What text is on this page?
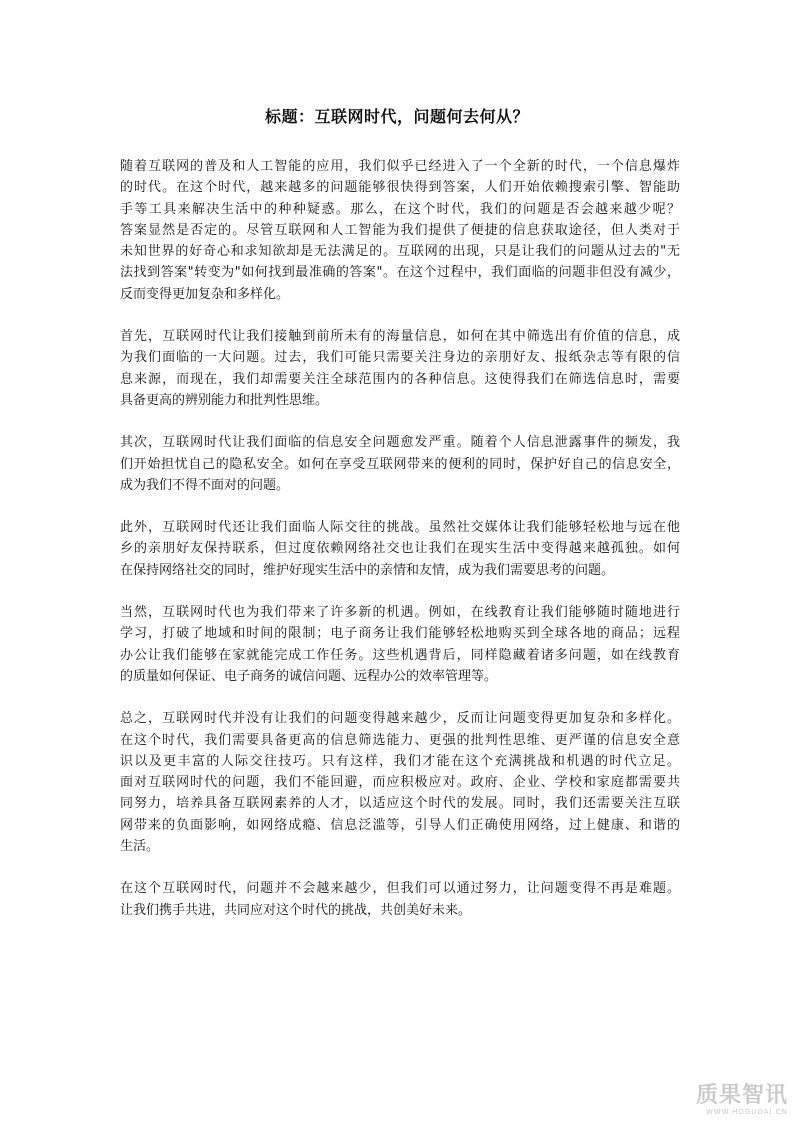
标题：互联网时代，问题何去何从？

随着互联网的普及和人工智能的应用，我们似乎已经进入了一个全新的时代，一个信息爆炸
的时代。在这个时代，越来越多的问题能够很快得到答案，人们开始依赖搜索引擎、智能助
手等工具来解决生活中的种种疑惑。那么，在这个时代，我们的问题是否会越来越少呢？
答案显然是否定的。尽管互联网和人工智能为我们提供了便捷的信息获取途径，但人类对于
未知世界的好奇心和求知欲却是无法满足的。互联网的出现，只是让我们的问题从过去的"无
法找到答案"转变为"如何找到最准确的答案"。在这个过程中，我们面临的问题非但没有减少，
反而变得更加复杂和多样化。

首先，互联网时代让我们接触到前所未有的海量信息，如何在其中筛选出有价值的信息，成
为我们面临的一大问题。过去，我们可能只需要关注身边的亲朋好友、报纸杂志等有限的信
息来源，而现在，我们却需要关注全球范围内的各种信息。这使得我们在筛选信息时，需要
具备更高的辨别能力和批判性思维。

其次，互联网时代让我们面临的信息安全问题愈发严重。随着个人信息泄露事件的频发，我
们开始担忧自己的隐私安全。如何在享受互联网带来的便利的同时，保护好自己的信息安全，
成为我们不得不面对的问题。

此外，互联网时代还让我们面临人际交往的挑战。虽然社交媒体让我们能够轻松地与远在他
乡的亲朋好友保持联系，但过度依赖网络社交也让我们在现实生活中变得越来越孤独。如何
在保持网络社交的同时，维护好现实生活中的亲情和友情，成为我们需要思考的问题。

当然，互联网时代也为我们带来了许多新的机遇。例如，在线教育让我们能够随时随地进行
学习，打破了地域和时间的限制；电子商务让我们能够轻松地购买到全球各地的商品；远程
办公让我们能够在家就能完成工作任务。这些机遇背后，同样隐藏着诸多问题，如在线教育
的质量如何保证、电子商务的诚信问题、远程办公的效率管理等。

总之，互联网时代并没有让我们的问题变得越来越少，反而让问题变得更加复杂和多样化。
在这个时代，我们需要具备更高的信息筛选能力、更强的批判性思维、更严谨的信息安全意
识以及更丰富的人际交往技巧。只有这样，我们才能在这个充满挑战和机遇的时代立足。
面对互联网时代的问题，我们不能回避，而应积极应对。政府、企业、学校和家庭都需要共
同努力，培养具备互联网素养的人才，以适应这个时代的发展。同时，我们还需要关注互联
网带来的负面影响，如网络成瘾、信息泛滥等，引导人们正确使用网络，过上健康、和谐的
生活。

在这个互联网时代，问题并不会越来越少，但我们可以通过努力，让问题变得不再是难题。
让我们携手共进，共同应对这个时代的挑战，共创美好未来。

质果智讯
WWW.HOGUOAI.CN
